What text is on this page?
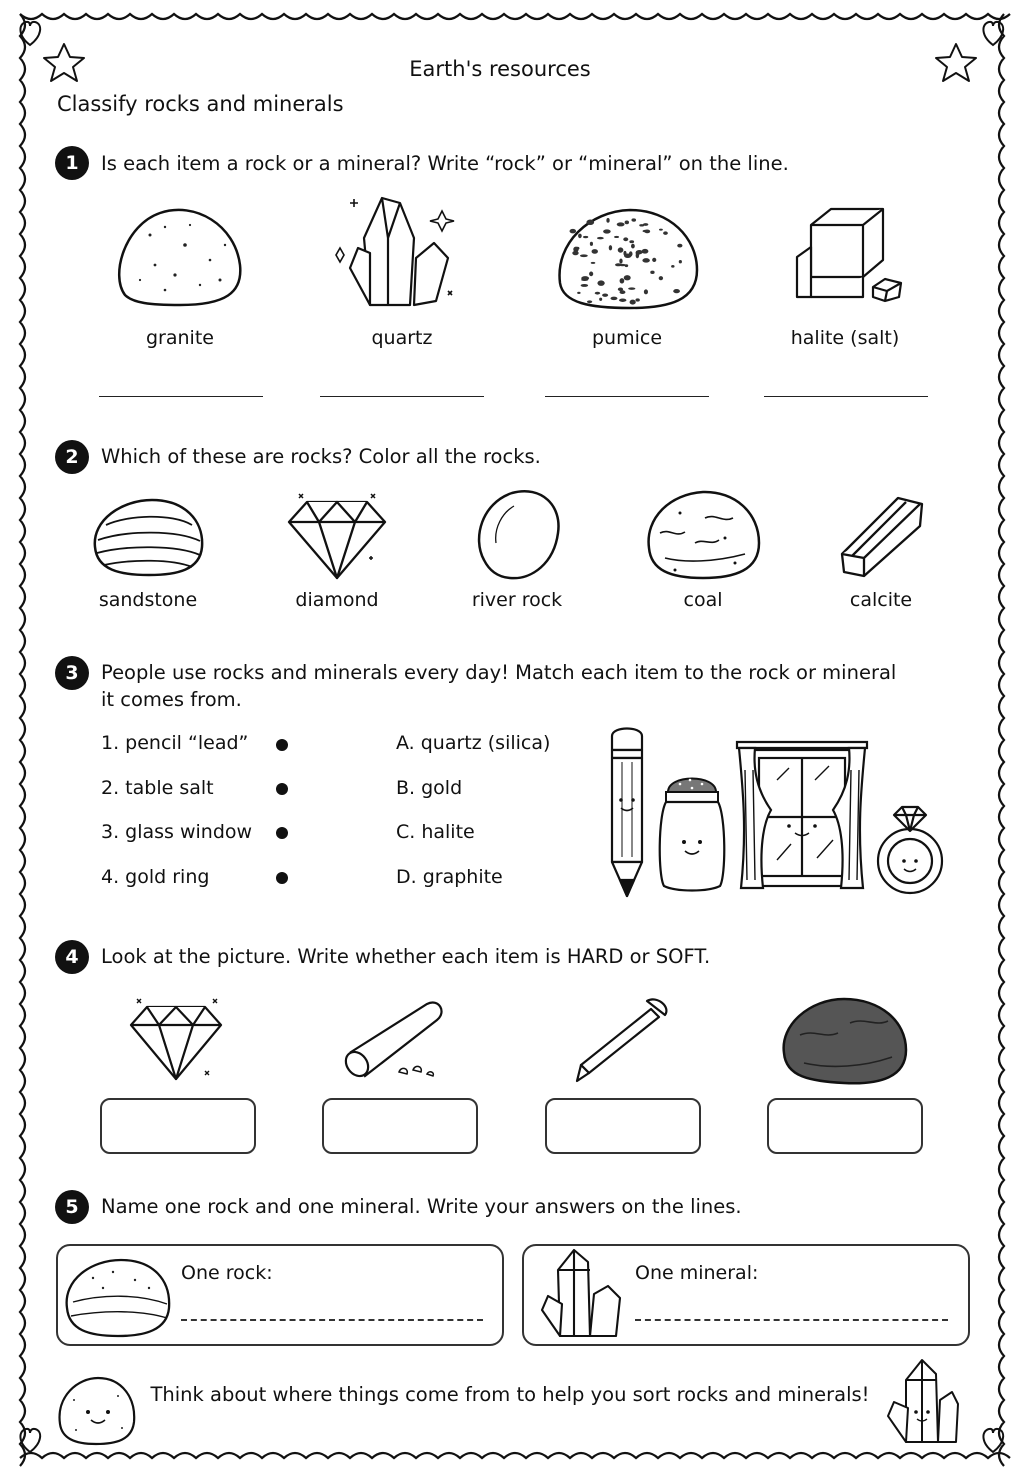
Earth's resources
Classify rocks and minerals
1	Is each item a rock or a mineral? Write “rock” or “mineral” on the line.
granite	quartz	pumice	halite (salt)
2	Which of these are rocks? Color all the rocks.
sandstone	diamond	river rock	coal	calcite
3	People use rocks and minerals every day! Match each item to the rock or mineral
it comes from.
1. pencil “lead”
2. table salt
3. glass window
4. gold ring
A. quartz (silica)
B. gold
C. halite
D. graphite
4	Look at the picture. Write whether each item is HARD or SOFT.
5	Name one rock and one mineral. Write your answers on the lines.
One rock:	One mineral:
Think about where things come from to help you sort rocks and minerals!
